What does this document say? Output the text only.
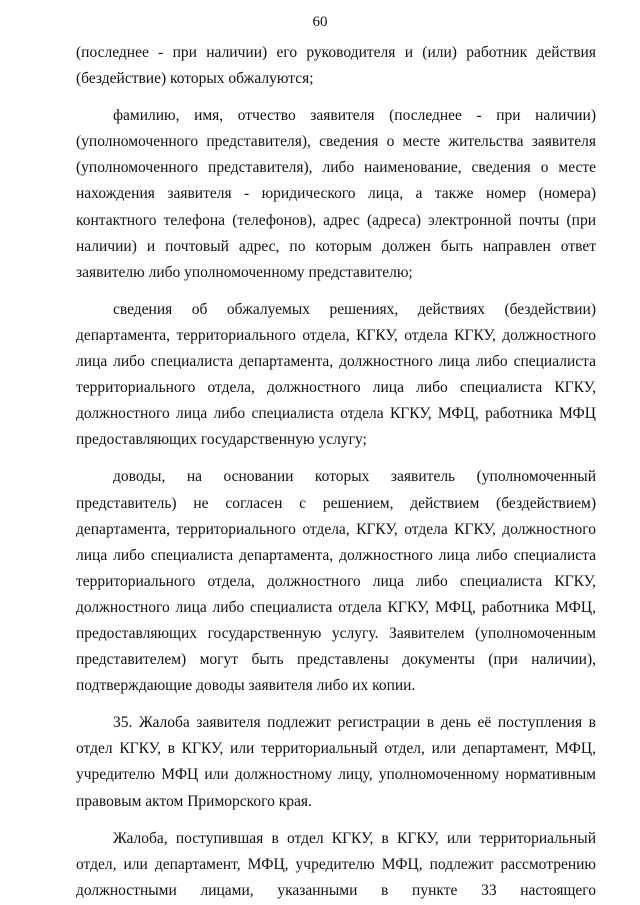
60

(последнее - при наличии) его руководителя и (или) работник действия

(бездействие) которых обжалуются;

фамилию, имя, отчество заявителя (последнее - при наличии)

(уполномоченного представителя), сведения о месте жительства заявителя

(уполномоченного представителя), либо наименование, сведения о месте

нахождения заявителя - юридического лица, а также номер (номера)

контактного телефона (телефонов), адрес (адреса) электронной почты (при

наличии) и почтовый адрес, по которым должен быть направлен ответ

заявителю либо уполномоченному представителю;

сведения об обжалуемых решениях, действиях (бездействии)

департамента, территориального отдела, КГКУ, отдела КГКУ, должностного

лица либо специалиста департамента, должностного лица либо специалиста

территориального отдела, должностного лица либо специалиста КГКУ,

должностного лица либо специалиста отдела КГКУ, МФЦ, работника МФЦ

предоставляющих государственную услугу;

доводы, на основании которых заявитель (уполномоченный

представитель) не согласен с решением, действием (бездействием)

департамента, территориального отдела, КГКУ, отдела КГКУ, должностного

лица либо специалиста департамента, должностного лица либо специалиста

территориального отдела, должностного лица либо специалиста КГКУ,

должностного лица либо специалиста отдела КГКУ, МФЦ, работника МФЦ,

предоставляющих государственную услугу. Заявителем (уполномоченным

представителем) могут быть представлены документы (при наличии),

подтверждающие доводы заявителя либо их копии.

35. Жалоба заявителя подлежит регистрации в день её поступления в

отдел КГКУ, в КГКУ, или территориальный отдел, или департамент, МФЦ,

учредителю МФЦ или должностному лицу, уполномоченному нормативным

правовым актом Приморского края.

Жалоба, поступившая в отдел КГКУ, в КГКУ, или территориальный

отдел, или департамент, МФЦ, учредителю МФЦ, подлежит рассмотрению

должностными лицами, указанными в пункте 33 настоящего
